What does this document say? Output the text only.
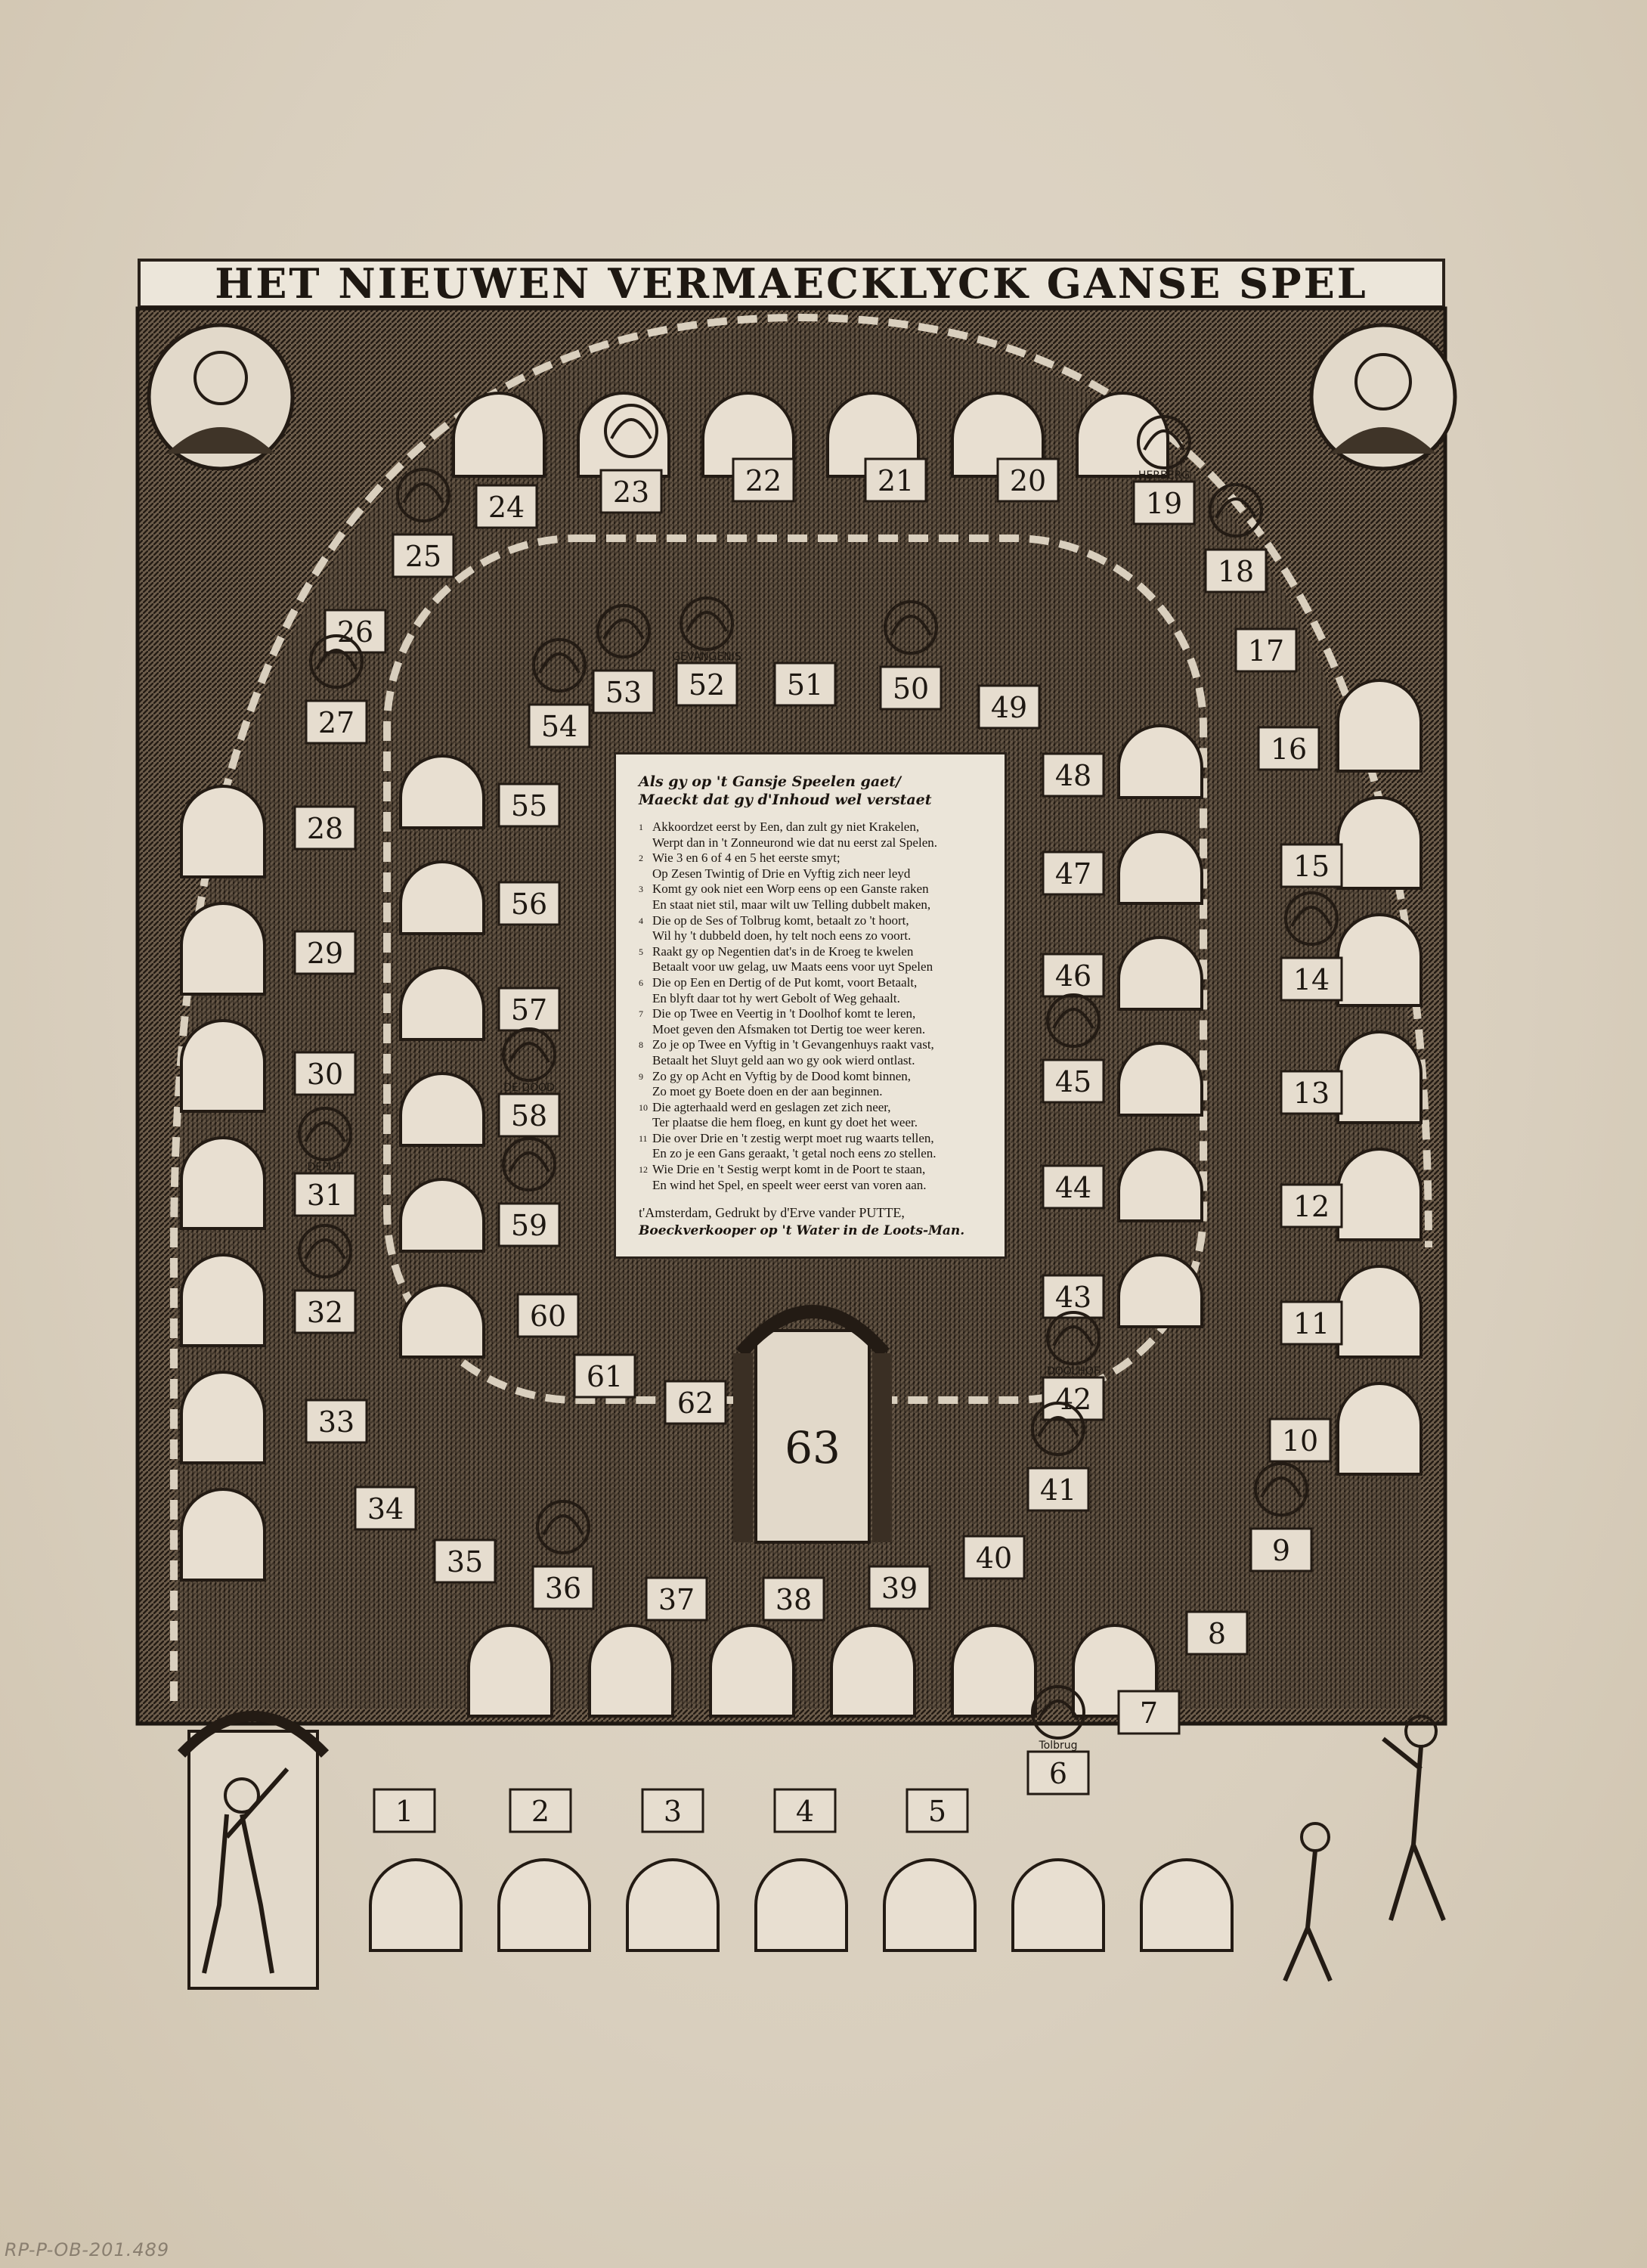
HET NIEUWEN VERMAECKLYCK GANSE SPEL
1	2	3	4	5
6
7
8
9
10
11
12
13
14
15
16
17
18
19
20
21
22
23
24
25
26
27
28
29
30
31
32
33
34
35
36	37	38 39
40
41
42
43
44
45
46
47
48
49
50
51
52
53
54
55
56
57
58
59
60
61
62
Tolbrug
HERBERG
DEPUT
DOOLHOF
GEVANGENIS
DE DOOD
63
Als gy op 't Gansje Speelen gaet/
Maeckt dat gy d'Inhoud wel verstaet
1 Akkoordzet eerst by Een, dan zult gy niet Krakelen,
Werpt dan in 't Zonneurond wie dat nu eerst zal Spelen.
2 Wie 3 en 6 of 4 en 5 het eerste smyt;
Op Zesen Twintig of Drie en Vyftig zich neer leyd
3 Komt gy ook niet een Worp eens op een Ganste raken
En staat niet stil, maar wilt uw Telling dubbelt maken,
4 Die op de Ses of Tolbrug komt, betaalt zo 't hoort,
Wil hy 't dubbeld doen, hy telt noch eens zo voort.
5 Raakt gy op Negentien dat's in de Kroeg te kwelen
Betaalt voor uw gelag, uw Maats eens voor uyt Spelen
6 Die op Een en Dertig of de Put komt, voort Betaalt,
En blyft daar tot hy wert Gebolt of Weg gehaalt.
7 Die op Twee en Veertig in 't Doolhof komt te leren,
Moet geven den Afsmaken tot Dertig toe weer keren.
8 Zo je op Twee en Vyftig in 't Gevangenhuys raakt vast,
Betaalt het Sluyt geld aan wo gy ook wierd ontlast.
9 Zo gy op Acht en Vyftig by de Dood komt binnen,
Zo moet gy Boete doen en der aan beginnen.
10 Die agterhaald werd en geslagen zet zich neer,
Ter plaatse die hem floeg, en kunt gy doet het weer.
11 Die over Drie en 't zestig werpt moet rug waarts tellen,
En zo je een Gans geraakt, 't getal noch eens zo stellen.
12 Wie Drie en 't Sestig werpt komt in de Poort te staan,
En wind het Spel, en speelt weer eerst van voren aan.
t'Amsterdam, Gedrukt by d'Erve vander PUTTE,
Boeckverkooper op 't Water in de Loots-Man.
RP-P-OB-201.489
